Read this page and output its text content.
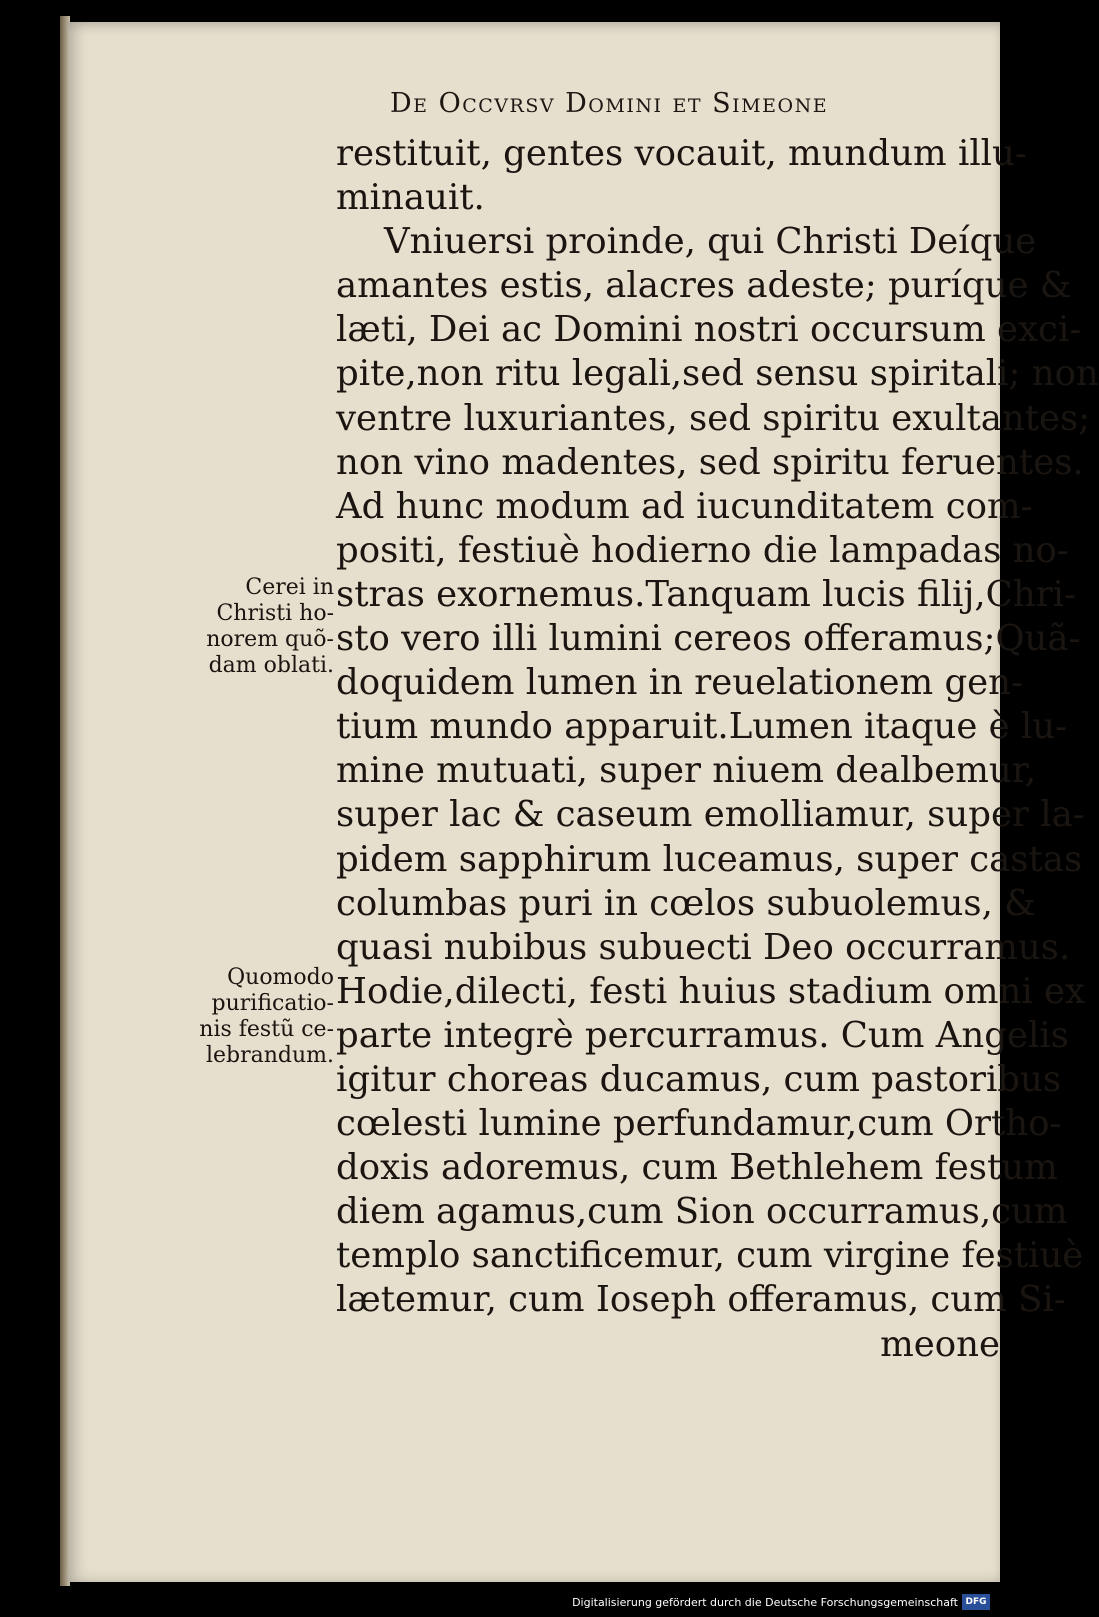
De Occvrsv Domini et Simeone
restituit, gentes vocauit, mundum illu-
minauit.
Vniuersi proinde, qui Christi Deíque
amantes estis, alacres adeste; puríque &
læti, Dei ac Domini nostri occursum exci-
pite,non ritu legali,sed sensu spiritali; non
ventre luxuriantes, sed spiritu exultantes;
non vino madentes, sed spiritu feruentes.
Ad hunc modum ad iucunditatem com-
positi, festiuè hodierno die lampadas no-
stras exornemus.Tanquam lucis filij,Chri-
sto vero illi lumini cereos offeramus;Quã-
doquidem lumen in reuelationem gen-
tium mundo apparuit.Lumen itaque è lu-
mine mutuati, super niuem dealbemur,
super lac & caseum emolliamur, super la-
pidem sapphirum luceamus, super castas
columbas puri in cœlos subuolemus, &
quasi nubibus subuecti Deo occurramus.
Hodie,dilecti, festi huius stadium omni ex
parte integrè percurramus. Cum Angelis
igitur choreas ducamus, cum pastoribus
cœlesti lumine perfundamur,cum Ortho-
doxis adoremus, cum Bethlehem festum
diem agamus,cum Sion occurramus,cum
templo sanctificemur, cum virgine festiuè
lætemur, cum Ioseph offeramus, cum Si-
meone
Cerei in
Christi ho-
norem quõ-
dam oblati.
Quomodo
purificatio-
nis festũ ce-
lebrandum.
Digitalisierung gefördert durch die Deutsche Forschungsgemeinschaft DFG
